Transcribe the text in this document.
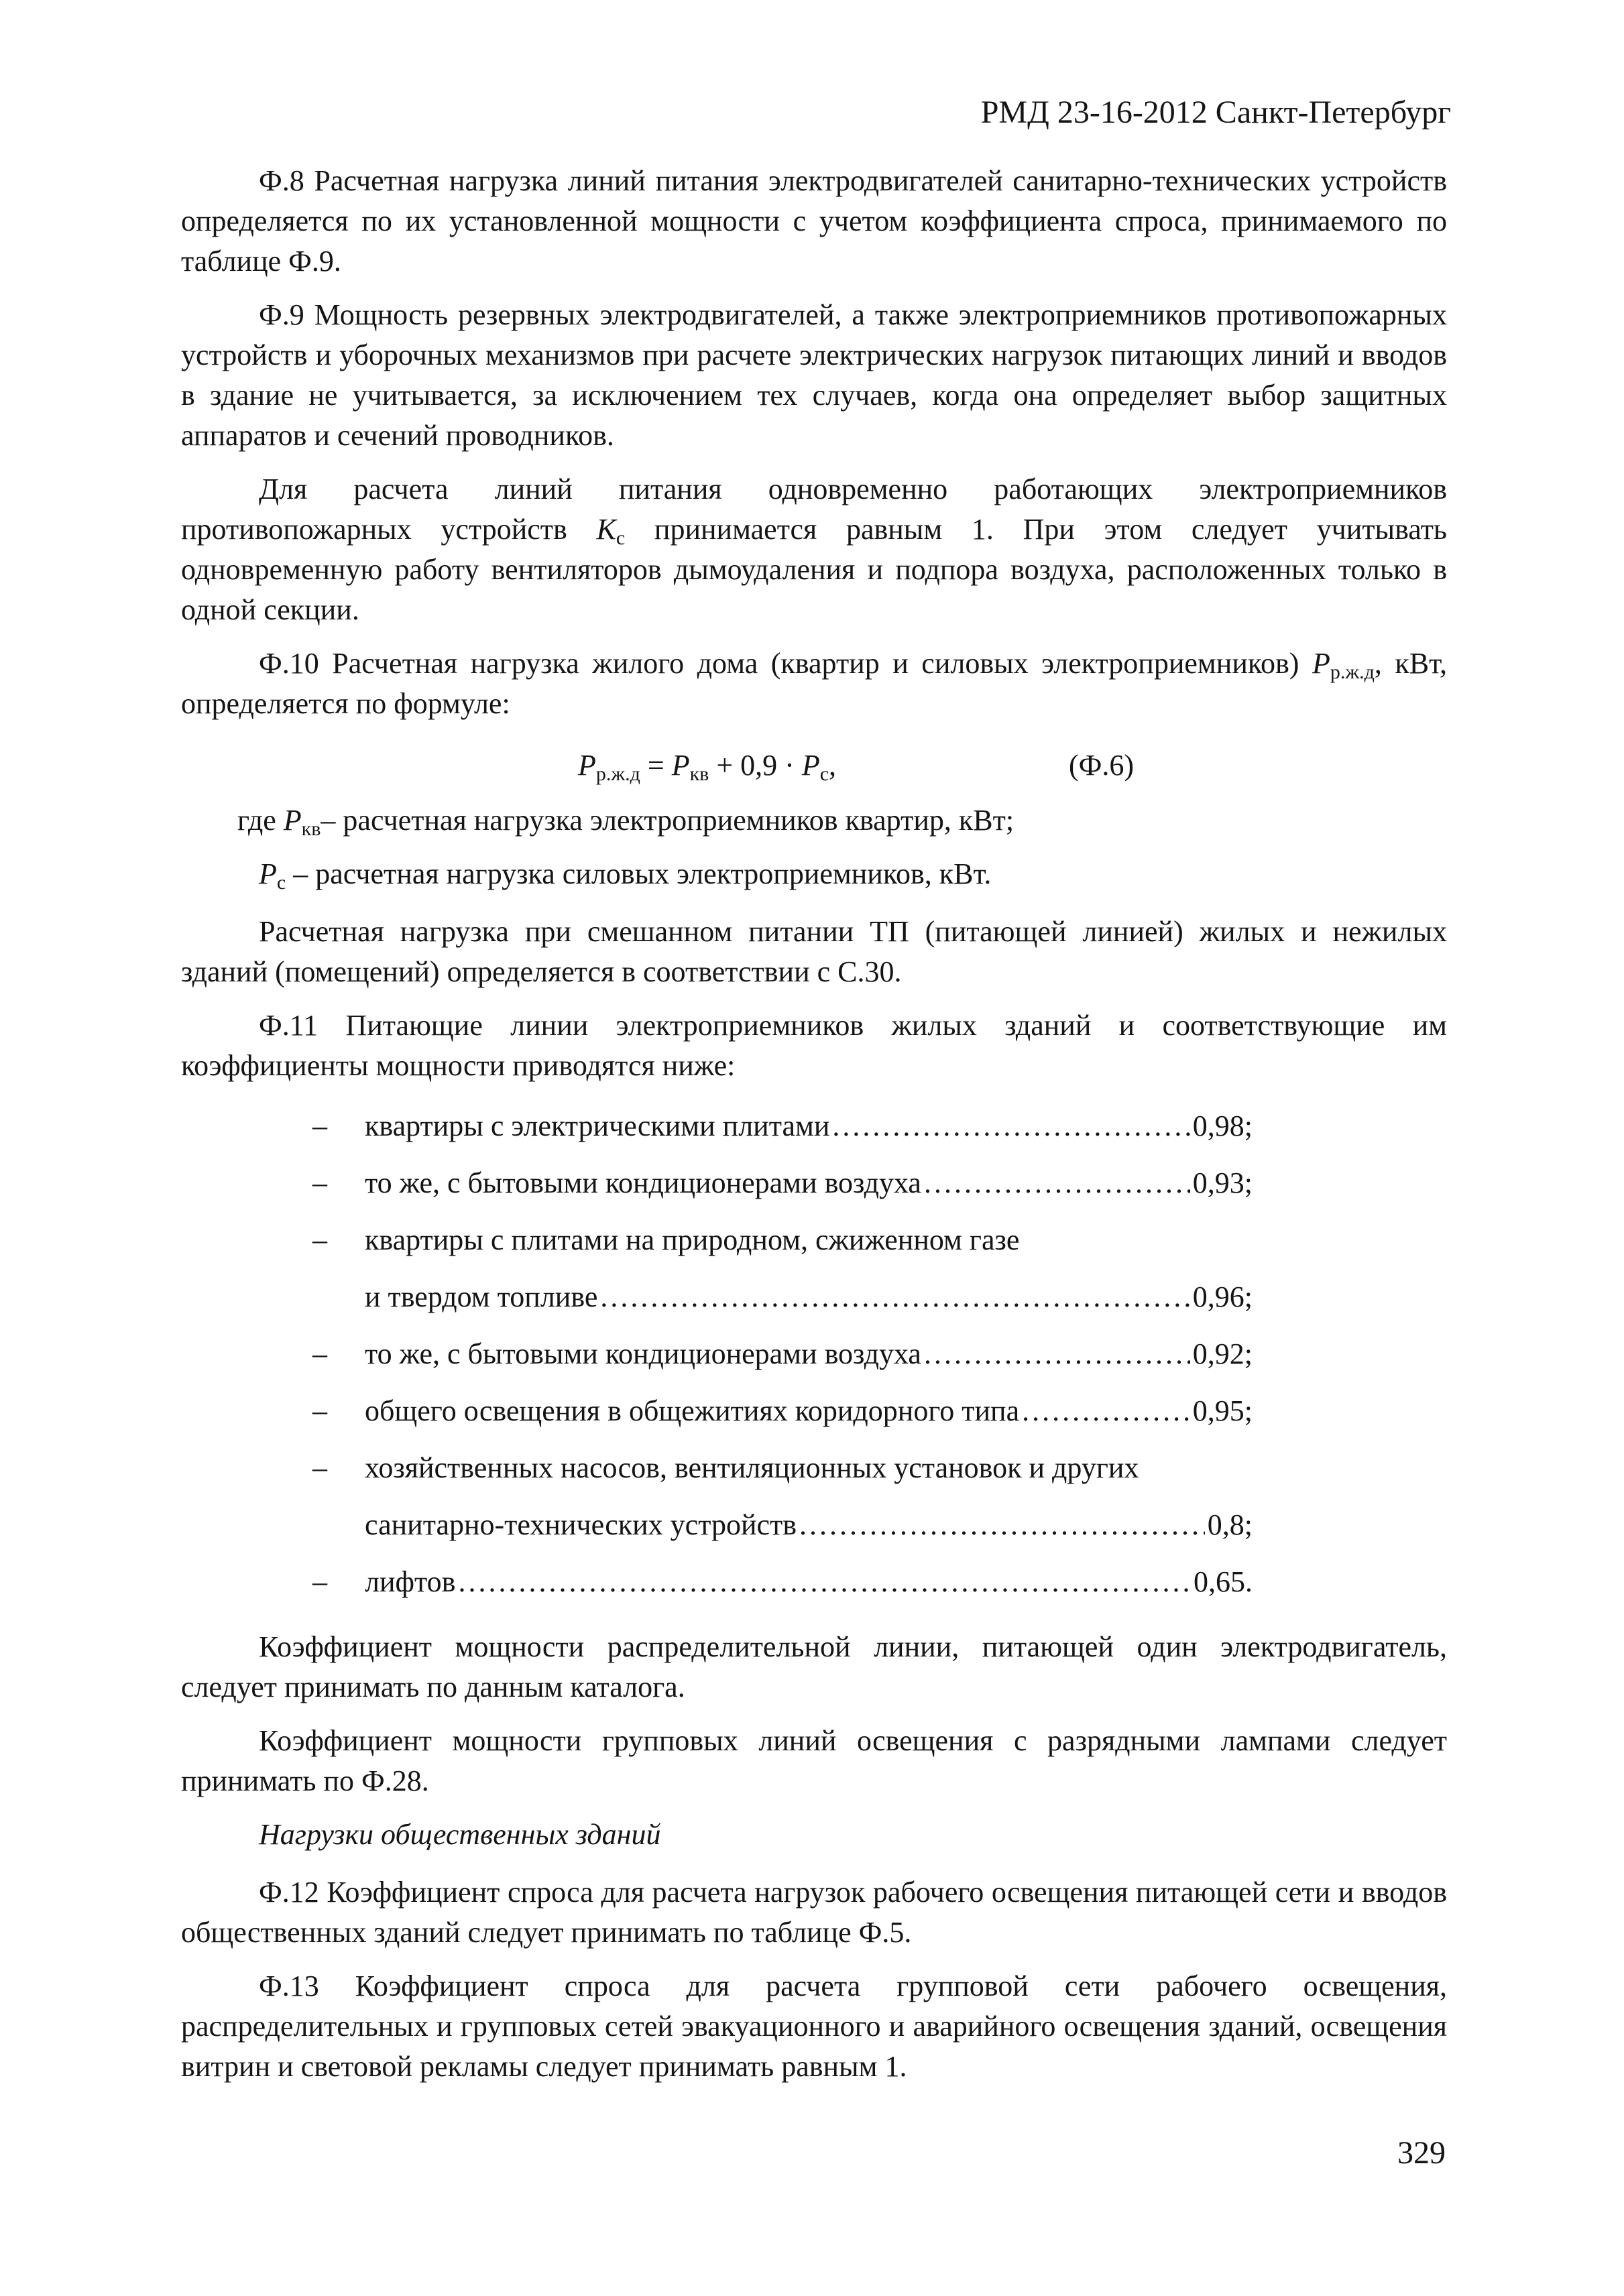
РМД 23-16-2012 Санкт-Петербург

Ф.8 Расчетная нагрузка линий питания электродвигателей санитарно-технических устройств определяется по их установленной мощности с учетом коэффициента спроса, принимаемого по таблице Ф.9.

Ф.9 Мощность резервных электродвигателей, а также электроприемников противопожарных устройств и уборочных механизмов при расчете электрических нагрузок питающих линий и вводов в здание не учитывается, за исключением тех случаев, когда она определяет выбор защитных аппаратов и сечений проводников.

Для расчета линий питания одновременно работающих электроприемников противопожарных устройств $K_c$ принимается равным 1. При этом следует учитывать одновременную работу вентиляторов дымоудаления и подпора воздуха, расположенных только в одной секции.

Ф.10 Расчетная нагрузка жилого дома (квартир и силовых электроприемников) $P_{р.ж.д}$, кВт, определяется по формуле:

$P_{р.ж.д} = P_{кв} + 0,9 \cdot P_с$,	(Ф.6)

где $P_{кв}-$ расчетная нагрузка электроприемников квартир, кВт;

$P_с$ – расчетная нагрузка силовых электроприемников, кВт.

Расчетная нагрузка при смешанном питании ТП (питающей линией) жилых и нежилых зданий (помещений) определяется в соответствии с С.30.

Ф.11 Питающие линии электроприемников жилых зданий и соответствующие им коэффициенты мощности приводятся ниже:

– квартиры с электрическими плитами .....	0,98;
– то же, с бытовыми кондиционерами воздуха .....	0,93;
– квартиры с плитами на природном, сжиженном газе
и твердом топливе .....	0,96;
– то же, с бытовыми кондиционерами воздуха .....	0,92;
– общего освещения в общежитиях коридорного типа .....	0,95;
– хозяйственных насосов, вентиляционных установок и других
санитарно-технических устройств .....	0,8;
– лифтов .....	0,65.

Коэффициент мощности распределительной линии, питающей один электродвигатель, следует принимать по данным каталога.

Коэффициент мощности групповых линий освещения с разрядными лампами следует принимать по Ф.28.

Нагрузки общественных зданий

Ф.12 Коэффициент спроса для расчета нагрузок рабочего освещения питающей сети и вводов общественных зданий следует принимать по таблице Ф.5.

Ф.13 Коэффициент спроса для расчета групповой сети рабочего освещения, распределительных и групповых сетей эвакуационного и аварийного освещения зданий, освещения витрин и световой рекламы следует принимать равным 1.

329
